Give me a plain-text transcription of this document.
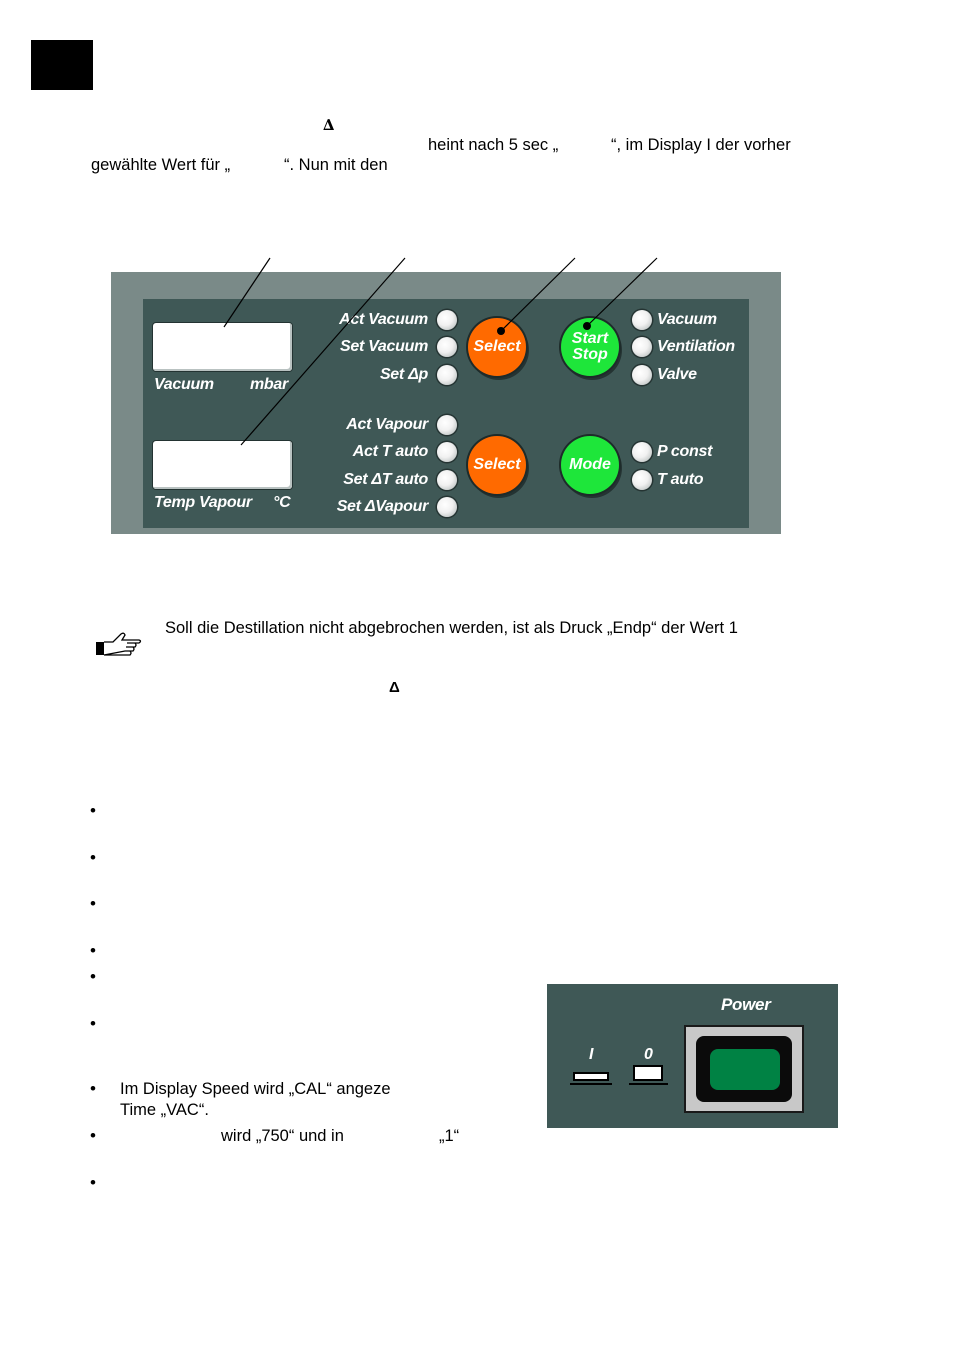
∆
heint nach 5 sec „	“, im Display I der vorher
gewählte Wert für „	“. Nun mit den
Vacuum mbar
Temp Vapour °C
Act Vacuum
Set Vacuum
Set Δp
Act Vapour
Act T auto
Set ΔT auto
Set ΔVapour
Select
Select
Start
Stop
Mode
Vacuum
Ventilation
Valve
P const
T auto
Soll die Destillation nicht abgebrochen werden, ist als Druck „Endp“ der Wert 1
Δ
•
•
•
•
•
•
• Im Display Speed wird „CAL“ angeze
Time „VAC“.
•	wird „750“ und in	„1“
•
Power
I	0
